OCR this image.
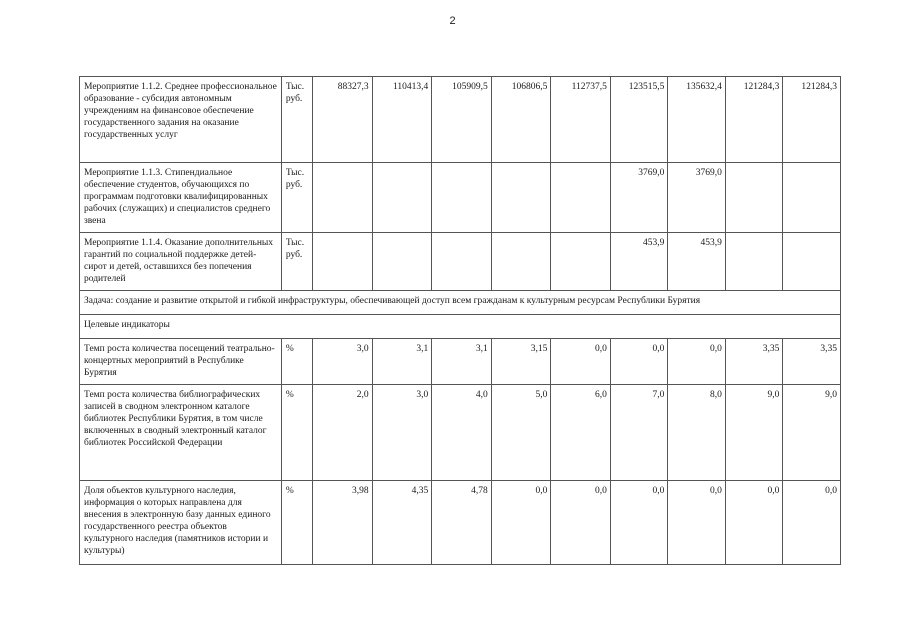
2
Мероприятие 1.1.2. Среднее профессиональное образование - субсидия автономным учреждениям на финансовое обеспечение государственного задания на оказание государственных услуг	Тыс. руб.	88327,3	110413,4	105909,5	106806,5	112737,5	123515,5	135632,4	121284,3	121284,3
Мероприятие 1.1.3. Стипендиальное обеспечение студентов, обучающихся по программам подготовки квалифицированных рабочих (служащих) и специалистов среднего звена	Тыс. руб.						3769,0	3769,0		
Мероприятие 1.1.4. Оказание дополнительных гарантий по социальной поддержке детей-сирот и детей, оставшихся без попечения родителей	Тыс. руб.						453,9	453,9		
Задача: создание и развитие открытой и гибкой инфраструктуры, обеспечивающей доступ всем гражданам к культурным ресурсам Республики Бурятия										
Целевые индикаторы										
Темп роста количества посещений театрально-концертных мероприятий в Республике Бурятия	%	3,0	3,1	3,1	3,15	0,0	0,0	0,0	3,35	3,35
Темп роста количества библиографических записей в сводном электронном каталоге библиотек Республики Бурятия, в том числе включенных в сводный электронный каталог библиотек Российской Федерации	%	2,0	3,0	4,0	5,0	6,0	7,0	8,0	9,0	9,0
Доля объектов культурного наследия, информация о которых направлена для внесения в электронную базу данных единого государственного реестра объектов культурного наследия (памятников истории и культуры)	%	3,98	4,35	4,78	0,0	0,0	0,0	0,0	0,0	0,0
